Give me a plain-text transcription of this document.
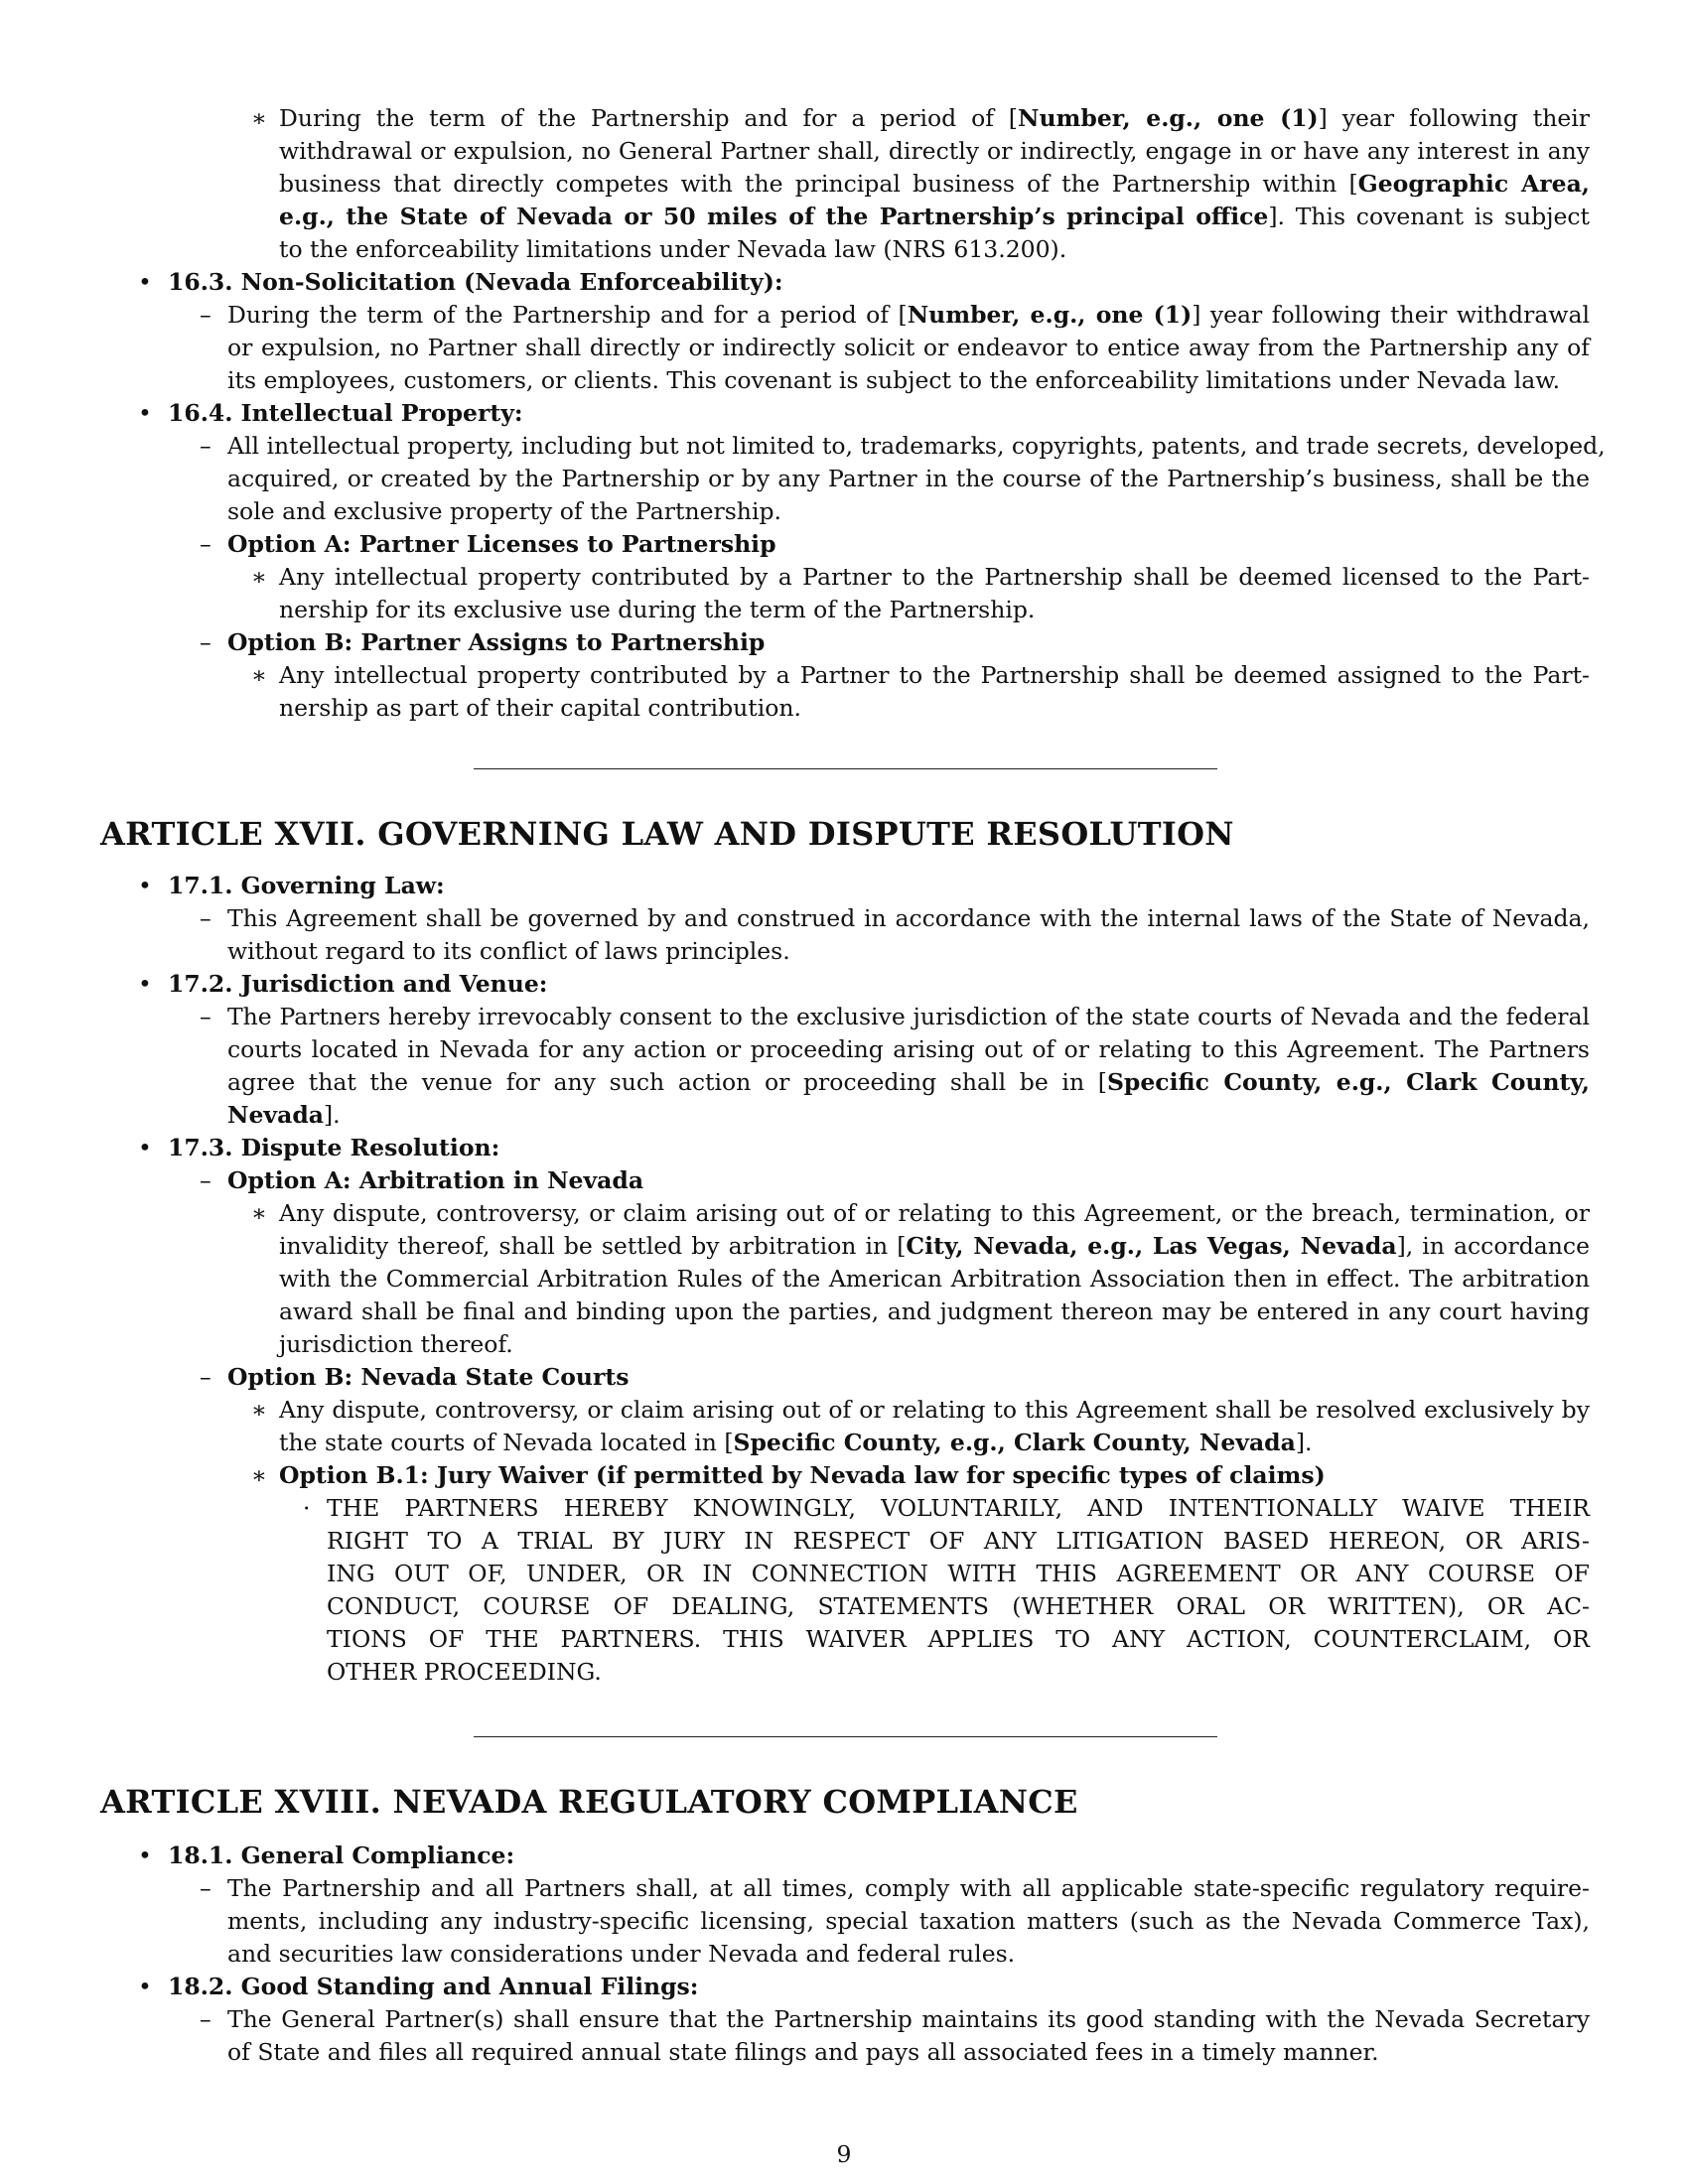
∗ During the term of the Partnership and for a period of [Number, e.g., one (1)] year following their
withdrawal or expulsion, no General Partner shall, directly or indirectly, engage in or have any interest in any
business that directly competes with the principal business of the Partnership within [Geographic Area,
e.g., the State of Nevada or 50 miles of the Partnership’s principal office]. This covenant is subject
to the enforceability limitations under Nevada law (NRS 613.200).
• 16.3. Non-Solicitation (Nevada Enforceability):
– During the term of the Partnership and for a period of [Number, e.g., one (1)] year following their withdrawal
or expulsion, no Partner shall directly or indirectly solicit or endeavor to entice away from the Partnership any of
its employees, customers, or clients. This covenant is subject to the enforceability limitations under Nevada law.
• 16.4. Intellectual Property:
– All intellectual property, including but not limited to, trademarks, copyrights, patents, and trade secrets, developed,
acquired, or created by the Partnership or by any Partner in the course of the Partnership’s business, shall be the
sole and exclusive property of the Partnership.
– Option A: Partner Licenses to Partnership
∗ Any intellectual property contributed by a Partner to the Partnership shall be deemed licensed to the Part-
nership for its exclusive use during the term of the Partnership.
– Option B: Partner Assigns to Partnership
∗ Any intellectual property contributed by a Partner to the Partnership shall be deemed assigned to the Part-
nership as part of their capital contribution.
ARTICLE XVII. GOVERNING LAW AND DISPUTE RESOLUTION
• 17.1. Governing Law:
– This Agreement shall be governed by and construed in accordance with the internal laws of the State of Nevada,
without regard to its conflict of laws principles.
• 17.2. Jurisdiction and Venue:
– The Partners hereby irrevocably consent to the exclusive jurisdiction of the state courts of Nevada and the federal
courts located in Nevada for any action or proceeding arising out of or relating to this Agreement. The Partners
agree that the venue for any such action or proceeding shall be in [Specific County, e.g., Clark County,
Nevada].
• 17.3. Dispute Resolution:
– Option A: Arbitration in Nevada
∗ Any dispute, controversy, or claim arising out of or relating to this Agreement, or the breach, termination, or
invalidity thereof, shall be settled by arbitration in [City, Nevada, e.g., Las Vegas, Nevada], in accordance
with the Commercial Arbitration Rules of the American Arbitration Association then in effect. The arbitration
award shall be final and binding upon the parties, and judgment thereon may be entered in any court having
jurisdiction thereof.
– Option B: Nevada State Courts
∗ Any dispute, controversy, or claim arising out of or relating to this Agreement shall be resolved exclusively by
the state courts of Nevada located in [Specific County, e.g., Clark County, Nevada].
∗ Option B.1: Jury Waiver (if permitted by Nevada law for specific types of claims)
· THE PARTNERS HEREBY KNOWINGLY, VOLUNTARILY, AND INTENTIONALLY WAIVE THEIR
RIGHT TO A TRIAL BY JURY IN RESPECT OF ANY LITIGATION BASED HEREON, OR ARIS-
ING OUT OF, UNDER, OR IN CONNECTION WITH THIS AGREEMENT OR ANY COURSE OF
CONDUCT, COURSE OF DEALING, STATEMENTS (WHETHER ORAL OR WRITTEN), OR AC-
TIONS OF THE PARTNERS. THIS WAIVER APPLIES TO ANY ACTION, COUNTERCLAIM, OR
OTHER PROCEEDING.
ARTICLE XVIII. NEVADA REGULATORY COMPLIANCE
• 18.1. General Compliance:
– The Partnership and all Partners shall, at all times, comply with all applicable state-specific regulatory require-
ments, including any industry-specific licensing, special taxation matters (such as the Nevada Commerce Tax),
and securities law considerations under Nevada and federal rules.
• 18.2. Good Standing and Annual Filings:
– The General Partner(s) shall ensure that the Partnership maintains its good standing with the Nevada Secretary
of State and files all required annual state filings and pays all associated fees in a timely manner.
9
